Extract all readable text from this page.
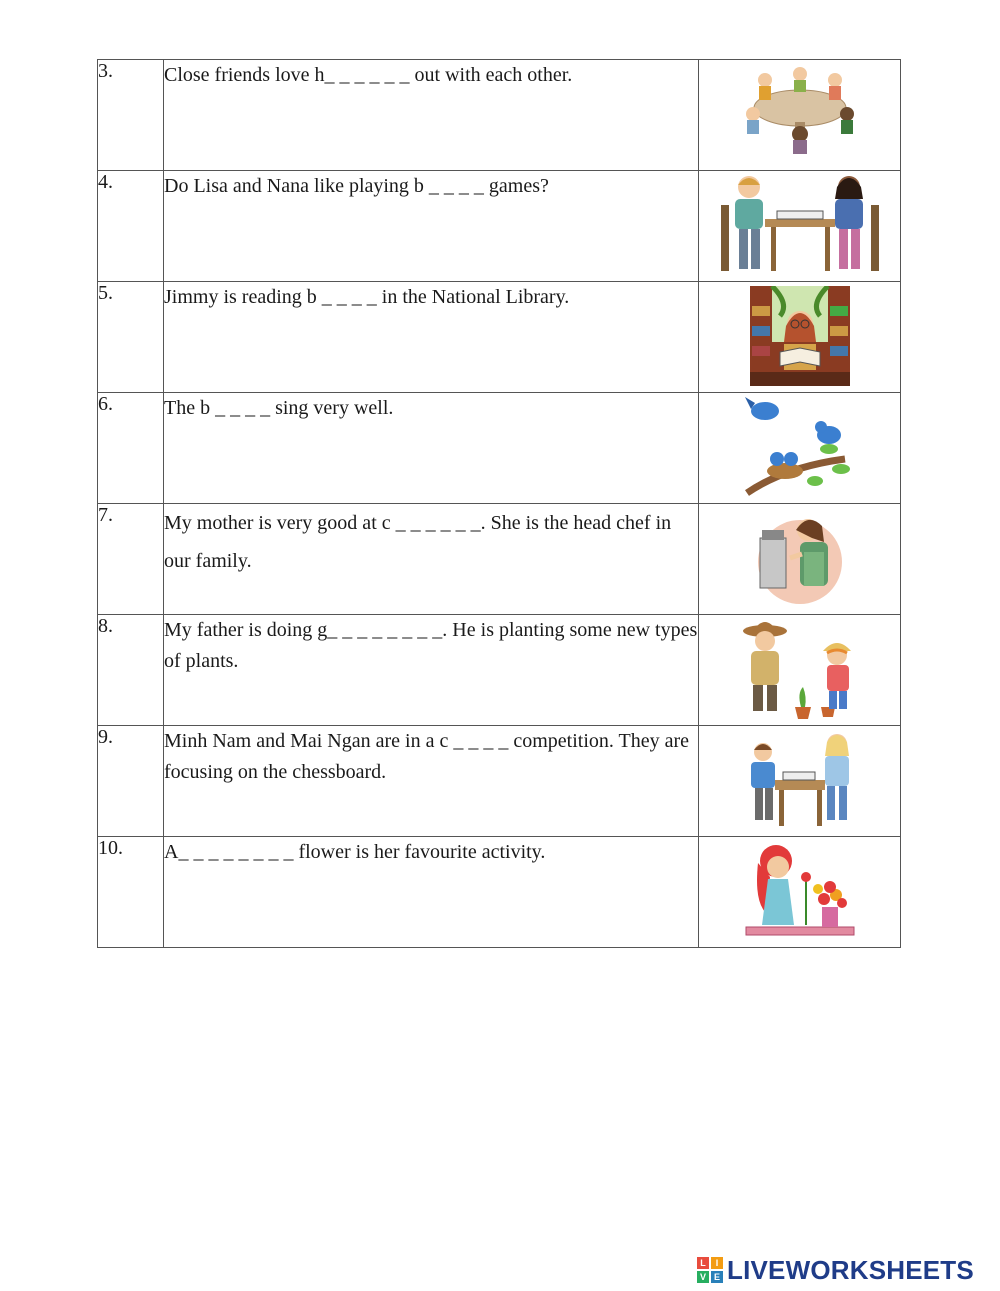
3.	Close friends love h_ _ _ _ _ _ out with each other.	

4.	Do Lisa and Nana like playing b _ _ _ _ games?	

5.	Jimmy is reading b _ _ _ _ in the National Library.	

6.	The b _ _ _ _ sing very well.	

7.	My mother is very good at c _ _ _ _ _ _. She is the head chef in our family.	

8.	My father is doing g_ _ _ _ _ _ _ _. He is planting some new types of plants.	

9.	Minh Nam and Mai Ngan are in a c _ _ _ _ competition. They are focusing on the chessboard.	

10.	A_ _ _ _ _ _ _ _ flower is her favourite activity.	
L	I
V E LIVEWORKSHEETS
